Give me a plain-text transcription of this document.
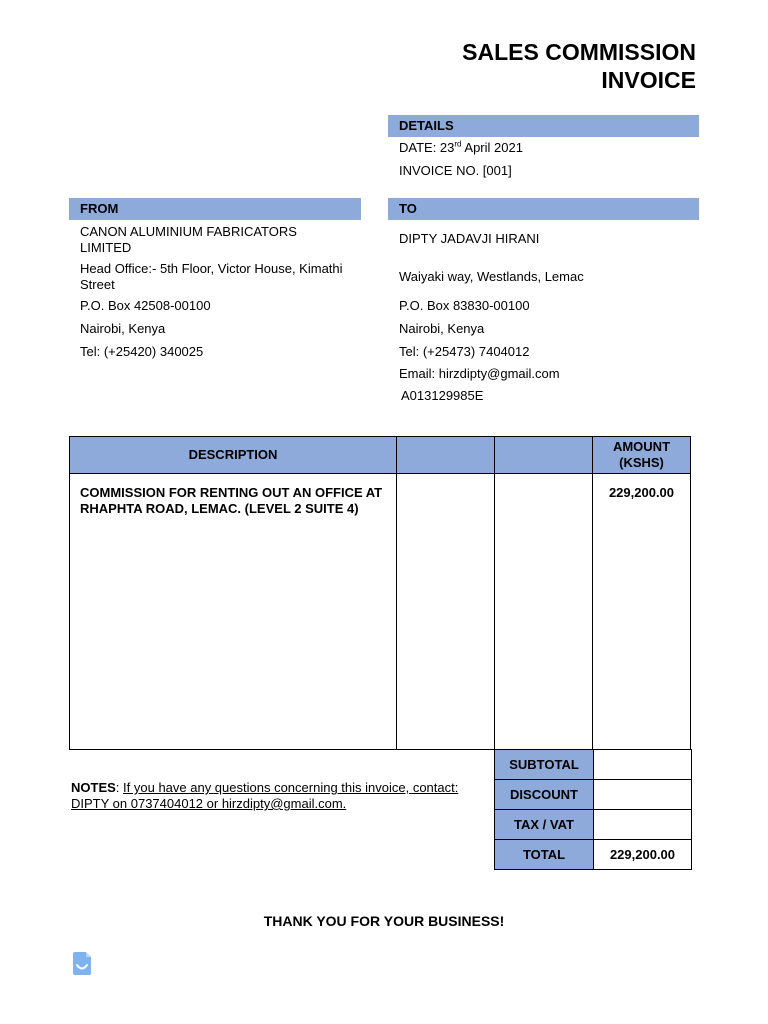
SALES COMMISSION
INVOICE
DETAILS
DATE: 23rd April 2021
INVOICE NO. [001]
FROM
CANON ALUMINIUM FABRICATORS LIMITED
Head Office:- 5th Floor, Victor House, Kimathi Street
P.O. Box 42508-00100
Nairobi, Kenya
Tel: (+25420) 340025
TO
DIPTY JADAVJI HIRANI
Waiyaki way, Westlands, Lemac
P.O. Box 83830-00100
Nairobi, Kenya
Tel: (+25473) 7404012
Email: hirzdipty@gmail.com
A013129985E
DESCRIPTION			AMOUNT
(KSHS)

COMMISSION FOR RENTING OUT AN OFFICE AT RHAPHTA ROAD, LEMAC. (LEVEL 2 SUITE 4)			229,200.00
SUBTOTAL	
DISCOUNT	
TAX / VAT	
TOTAL	229,200.00
NOTES: If you have any questions concerning this invoice, contact: DIPTY on 0737404012 or hirzdipty@gmail.com.
THANK YOU FOR YOUR BUSINESS!
